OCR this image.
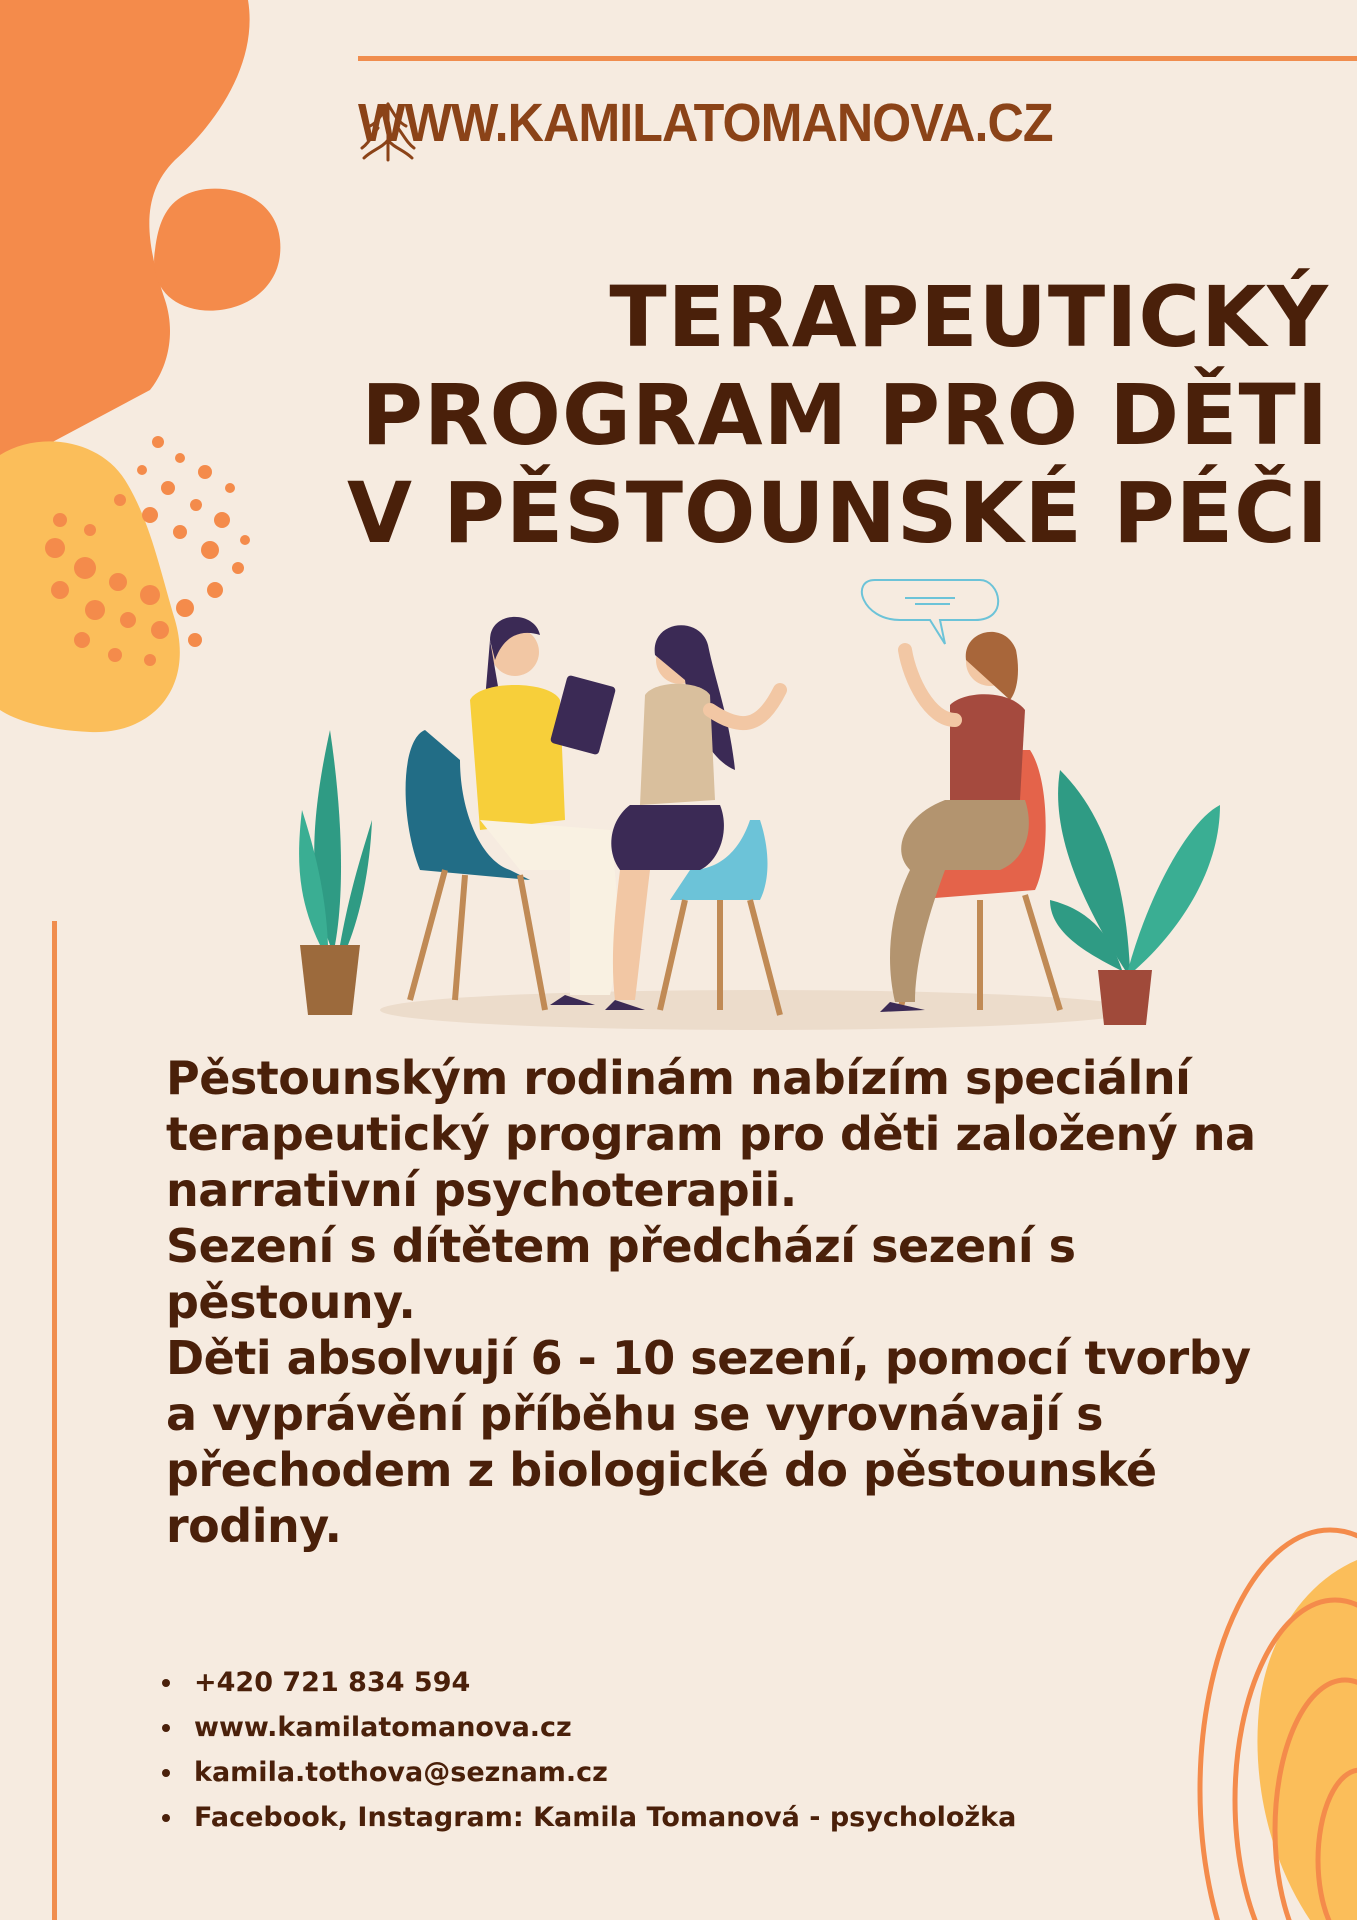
WWW.KAMILATOMANOVA.CZ
TERAPEUTICKÝ
PROGRAM PRO DĚTI
V PĚSTOUNSKÉ PÉČI

Pěstounským rodinám nabízím speciální terapeutický program pro děti založený na narrativní psychoterapii.

Sezení s dítětem předchází sezení s pěstouny.

Děti absolvují 6 - 10 sezení, pomocí tvorby a vyprávění příběhu se vyrovnávají s přechodem z biologické do pěstounské rodiny.

+420 721 834 594
www.kamilatomanova.cz
kamila.tothova@seznam.cz
Facebook, Instagram: Kamila Tomanová - psycholožka
